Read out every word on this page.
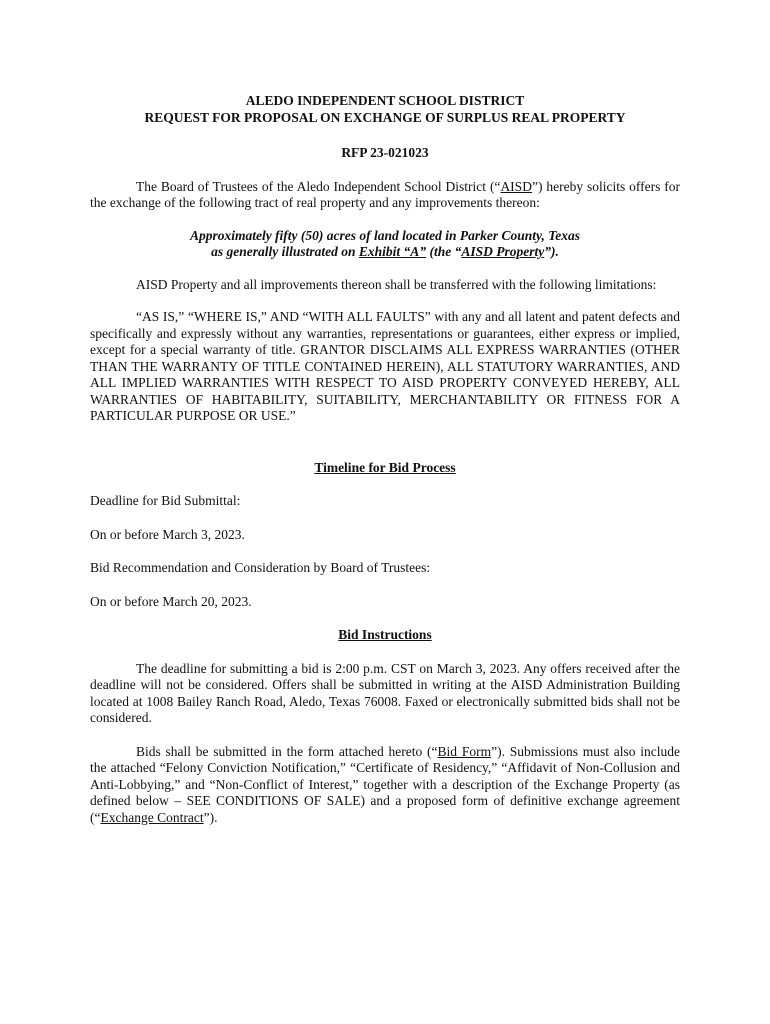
ALEDO INDEPENDENT SCHOOL DISTRICT

REQUEST FOR PROPOSAL ON EXCHANGE OF SURPLUS REAL PROPERTY

RFP 23-021023

The Board of Trustees of the Aledo Independent School District (“AISD”) hereby solicits offers for the exchange of the following tract of real property and any improvements thereon:

Approximately fifty (50) acres of land located in Parker County, Texas

as generally illustrated on Exhibit “A” (the “AISD Property”).

AISD Property and all improvements thereon shall be transferred with the following limitations:

“AS IS,” “WHERE IS,” AND “WITH ALL FAULTS” with any and all latent and patent defects and specifically and expressly without any warranties, representations or guarantees, either express or implied, except for a special warranty of title. GRANTOR DISCLAIMS ALL EXPRESS WARRANTIES (OTHER THAN THE WARRANTY OF TITLE CONTAINED HEREIN), ALL STATUTORY WARRANTIES, AND ALL IMPLIED WARRANTIES WITH RESPECT TO AISD PROPERTY CONVEYED HEREBY, ALL WARRANTIES OF HABITABILITY, SUITABILITY, MERCHANTABILITY OR FITNESS FOR A PARTICULAR PURPOSE OR USE.”

Timeline for Bid Process

Deadline for Bid Submittal:

On or before March 3, 2023.

Bid Recommendation and Consideration by Board of Trustees:

On or before March 20, 2023.

Bid Instructions

The deadline for submitting a bid is 2:00 p.m. CST on March 3, 2023. Any offers received after the deadline will not be considered. Offers shall be submitted in writing at the AISD Administration Building located at 1008 Bailey Ranch Road, Aledo, Texas 76008. Faxed or electronically submitted bids shall not be considered.

Bids shall be submitted in the form attached hereto (“Bid Form”). Submissions must also include the attached “Felony Conviction Notification,” “Certificate of Residency,” “Affidavit of Non-Collusion and Anti-Lobbying,” and “Non-Conflict of Interest,” together with a description of the Exchange Property (as defined below – SEE CONDITIONS OF SALE) and a proposed form of definitive exchange agreement (“Exchange Contract”).
